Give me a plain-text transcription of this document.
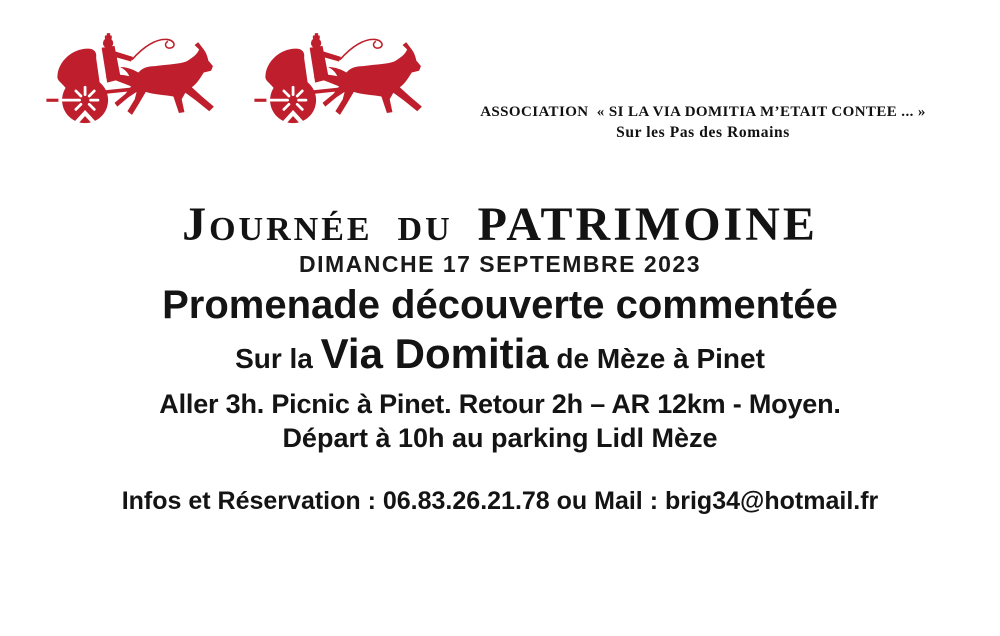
ASSOCIATION  « SI LA VIA DOMITIA M’ETAIT CONTEE ... »
Sur les Pas des Romains
Journée du PATRIMOINE
DIMANCHE 17 SEPTEMBRE 2023
Promenade découverte commentée
Sur la Via Domitia de Mèze à Pinet
Aller 3h. Picnic à Pinet. Retour 2h – AR 12km - Moyen.
Départ à 10h au parking Lidl Mèze
Infos et Réservation : 06.83.26.21.78 ou Mail : brig34@hotmail.fr
